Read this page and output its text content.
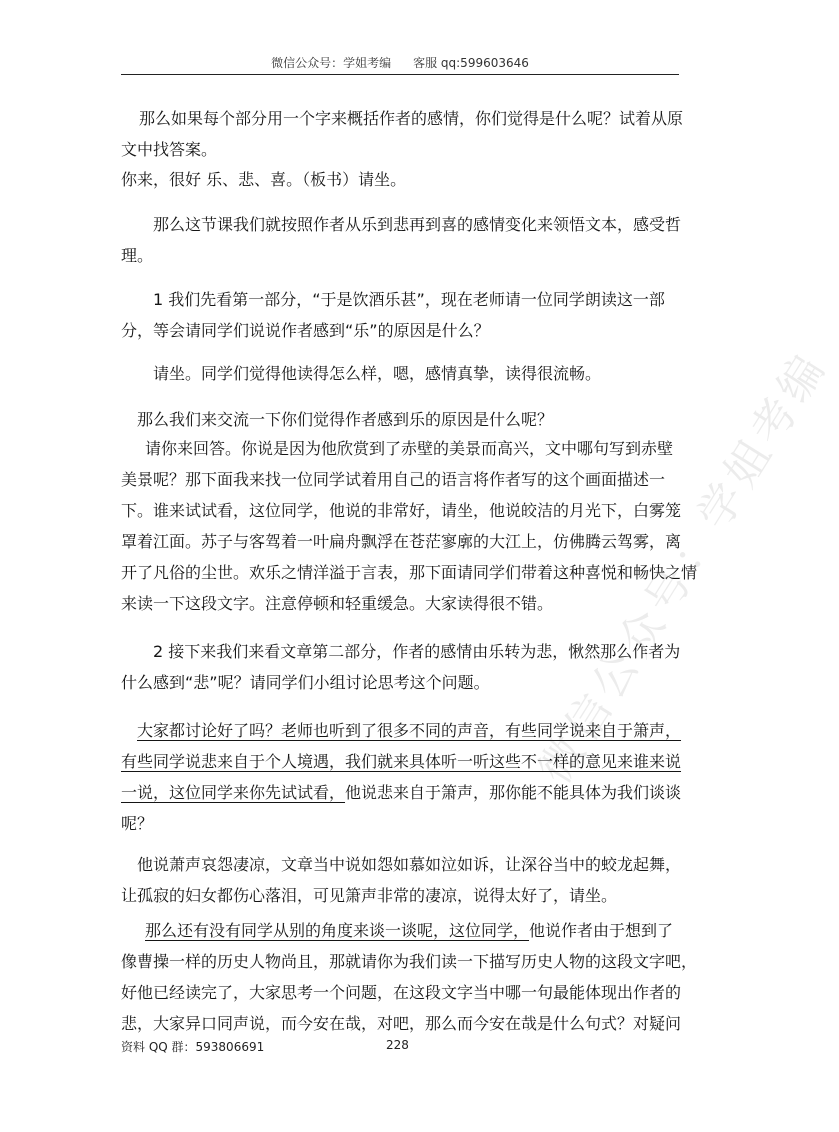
微信公众号：学姐考编 客服 qq:599603646
微信公众号：学姐考编
那么如果每个部分用一个字来概括作者的感情，你们觉得是什么呢？试着从原
文中找答案。
你来，很好 乐、悲、喜。（板书）请坐。
那么这节课我们就按照作者从乐到悲再到喜的感情变化来领悟文本，感受哲
理。
1 我们先看第一部分，“于是饮酒乐甚”，现在老师请一位同学朗读这一部
分，等会请同学们说说作者感到“乐”的原因是什么？
请坐。同学们觉得他读得怎么样，嗯，感情真挚，读得很流畅。
那么我们来交流一下你们觉得作者感到乐的原因是什么呢？
请你来回答。你说是因为他欣赏到了赤壁的美景而高兴，文中哪句写到赤壁
美景呢？那下面我来找一位同学试着用自己的语言将作者写的这个画面描述一
下。谁来试试看，这位同学，他说的非常好，请坐，他说皎洁的月光下，白雾笼
罩着江面。苏子与客驾着一叶扁舟飘浮在苍茫寥廓的大江上，仿佛腾云驾雾，离
开了凡俗的尘世。欢乐之情洋溢于言表，那下面请同学们带着这种喜悦和畅快之情
来读一下这段文字。注意停顿和轻重缓急。大家读得很不错。
2 接下来我们来看文章第二部分，作者的感情由乐转为悲，愀然那么作者为
什么感到“悲”呢？请同学们小组讨论思考这个问题。
大家都讨论好了吗？老师也听到了很多不同的声音，有些同学说来自于箫声，
有些同学说悲来自于个人境遇，我们就来具体听一听这些不一样的意见来谁来说
一说，这位同学来你先试试看，他说悲来自于箫声，那你能不能具体为我们谈谈
呢？
他说萧声哀怨凄凉，文章当中说如怨如慕如泣如诉，让深谷当中的蛟龙起舞，
让孤寂的妇女都伤心落泪，可见箫声非常的凄凉，说得太好了，请坐。
那么还有没有同学从别的角度来谈一谈呢，这位同学，他说作者由于想到了
像曹操一样的历史人物尚且，那就请你为我们读一下描写历史人物的这段文字吧，
好他已经读完了，大家思考一个问题，在这段文字当中哪一句最能体现出作者的
悲，大家异口同声说，而今安在哉，对吧，那么而今安在哉是什么句式？对疑问
资料 QQ 群：593806691	228
